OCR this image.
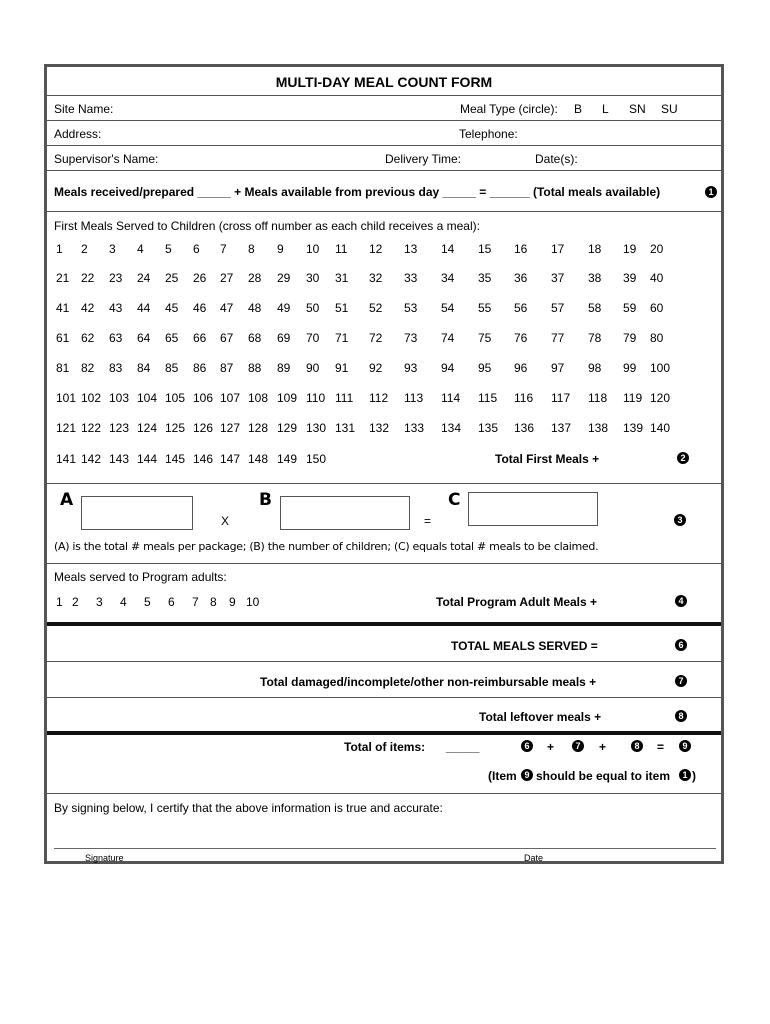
MULTI-DAY MEAL COUNT FORM
Site Name:	Meal Type (circle): B L SN SU
Address:	Telephone:
Supervisor's Name:	Delivery Time:	Date(s):
Meals received/prepared _____ + Meals available from previous day _____ = ______ (Total meals available)	1
First Meals Served to Children (cross off number as each child receives a meal):
1 2 3 4 5 6 7 8 9 10 11 12 13 14 15 16 17 18 19 20
21 22 23 24 25 26 27 28 29 30 31 32 33 34 35 36 37 38 39 40
41 42 43 44 45 46 47 48 49 50 51 52 53 54 55 56 57 58 59 60
61 62 63 64 65 66 67 68 69 70 71 72 73 74 75 76 77 78 79 80
81 82 83 84 85 86 87 88 89 90 91 92 93 94 95 96 97 98 99 100
101 102 103 104 105 106 107 108 109 110 111 112 113 114 115 116 117 118 119 120
121 122 123 124 125 126 127 128 129 130 131 132 133 134 135 136 137 138 139 140
141 142 143 144 145 146 147 148 149 150	Total First Meals +	2
A
X
B
=
C
3
(A) is the total # meals per package; (B) the number of children; (C) equals total # meals to be claimed.
Meals served to Program adults:
1 2 3 4 5 6 7 8 9 10	Total Program Adult Meals +	4
TOTAL MEALS SERVED =	6
Total damaged/incomplete/other non-reimbursable meals +	7
Total leftover meals +	8
Total of items: _____	6 +	7 +	8 =	9
(Item 9 should be equal to item	1 )
By signing below, I certify that the above information is true and accurate:
Signature	Date
